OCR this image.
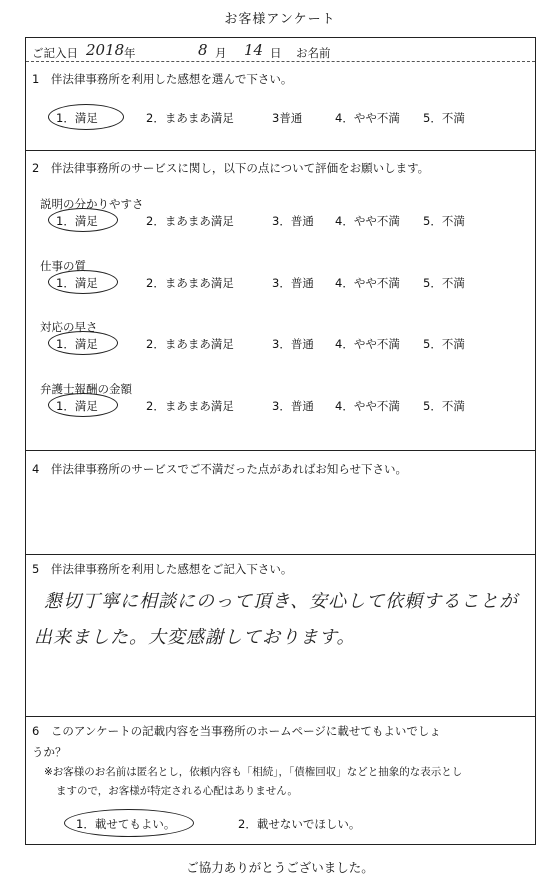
お客様アンケート
ご記入日 2018 年	8 月 14 日 お名前
1　伴法律事務所を利用した感想を選んで下さい。
1．満足	2．まあまあ満足	3普通	4．やや不満 5．不満
2　伴法律事務所のサービスに関し，以下の点について評価をお願いします。
説明の分かりやすさ
1．満足	2．まあまあ満足	3．普通 4．やや不満 5．不満
仕事の質
1．満足	2．まあまあ満足	3．普通 4．やや不満 5．不満
対応の早さ
1．満足	2．まあまあ満足	3．普通 4．やや不満 5．不満
弁護士報酬の金額
1．満足	2．まあまあ満足	3．普通 4．やや不満 5．不満
4　伴法律事務所のサービスでご不満だった点があればお知らせ下さい。
5　伴法律事務所を利用した感想をご記入下さい。
懇切丁寧に相談にのって頂き、安心して依頼することが
出来ました。大変感謝しております。
6　このアンケートの記載内容を当事務所のホームページに載せてもよいでしょ
うか？
※お客様のお名前は匿名とし，依頼内容も「相続」，「債権回収」などと抽象的な表示とし
ますので，お客様が特定される心配はありません。
1．載せてもよい。	2．載せないでほしい。
ご協力ありがとうございました。
